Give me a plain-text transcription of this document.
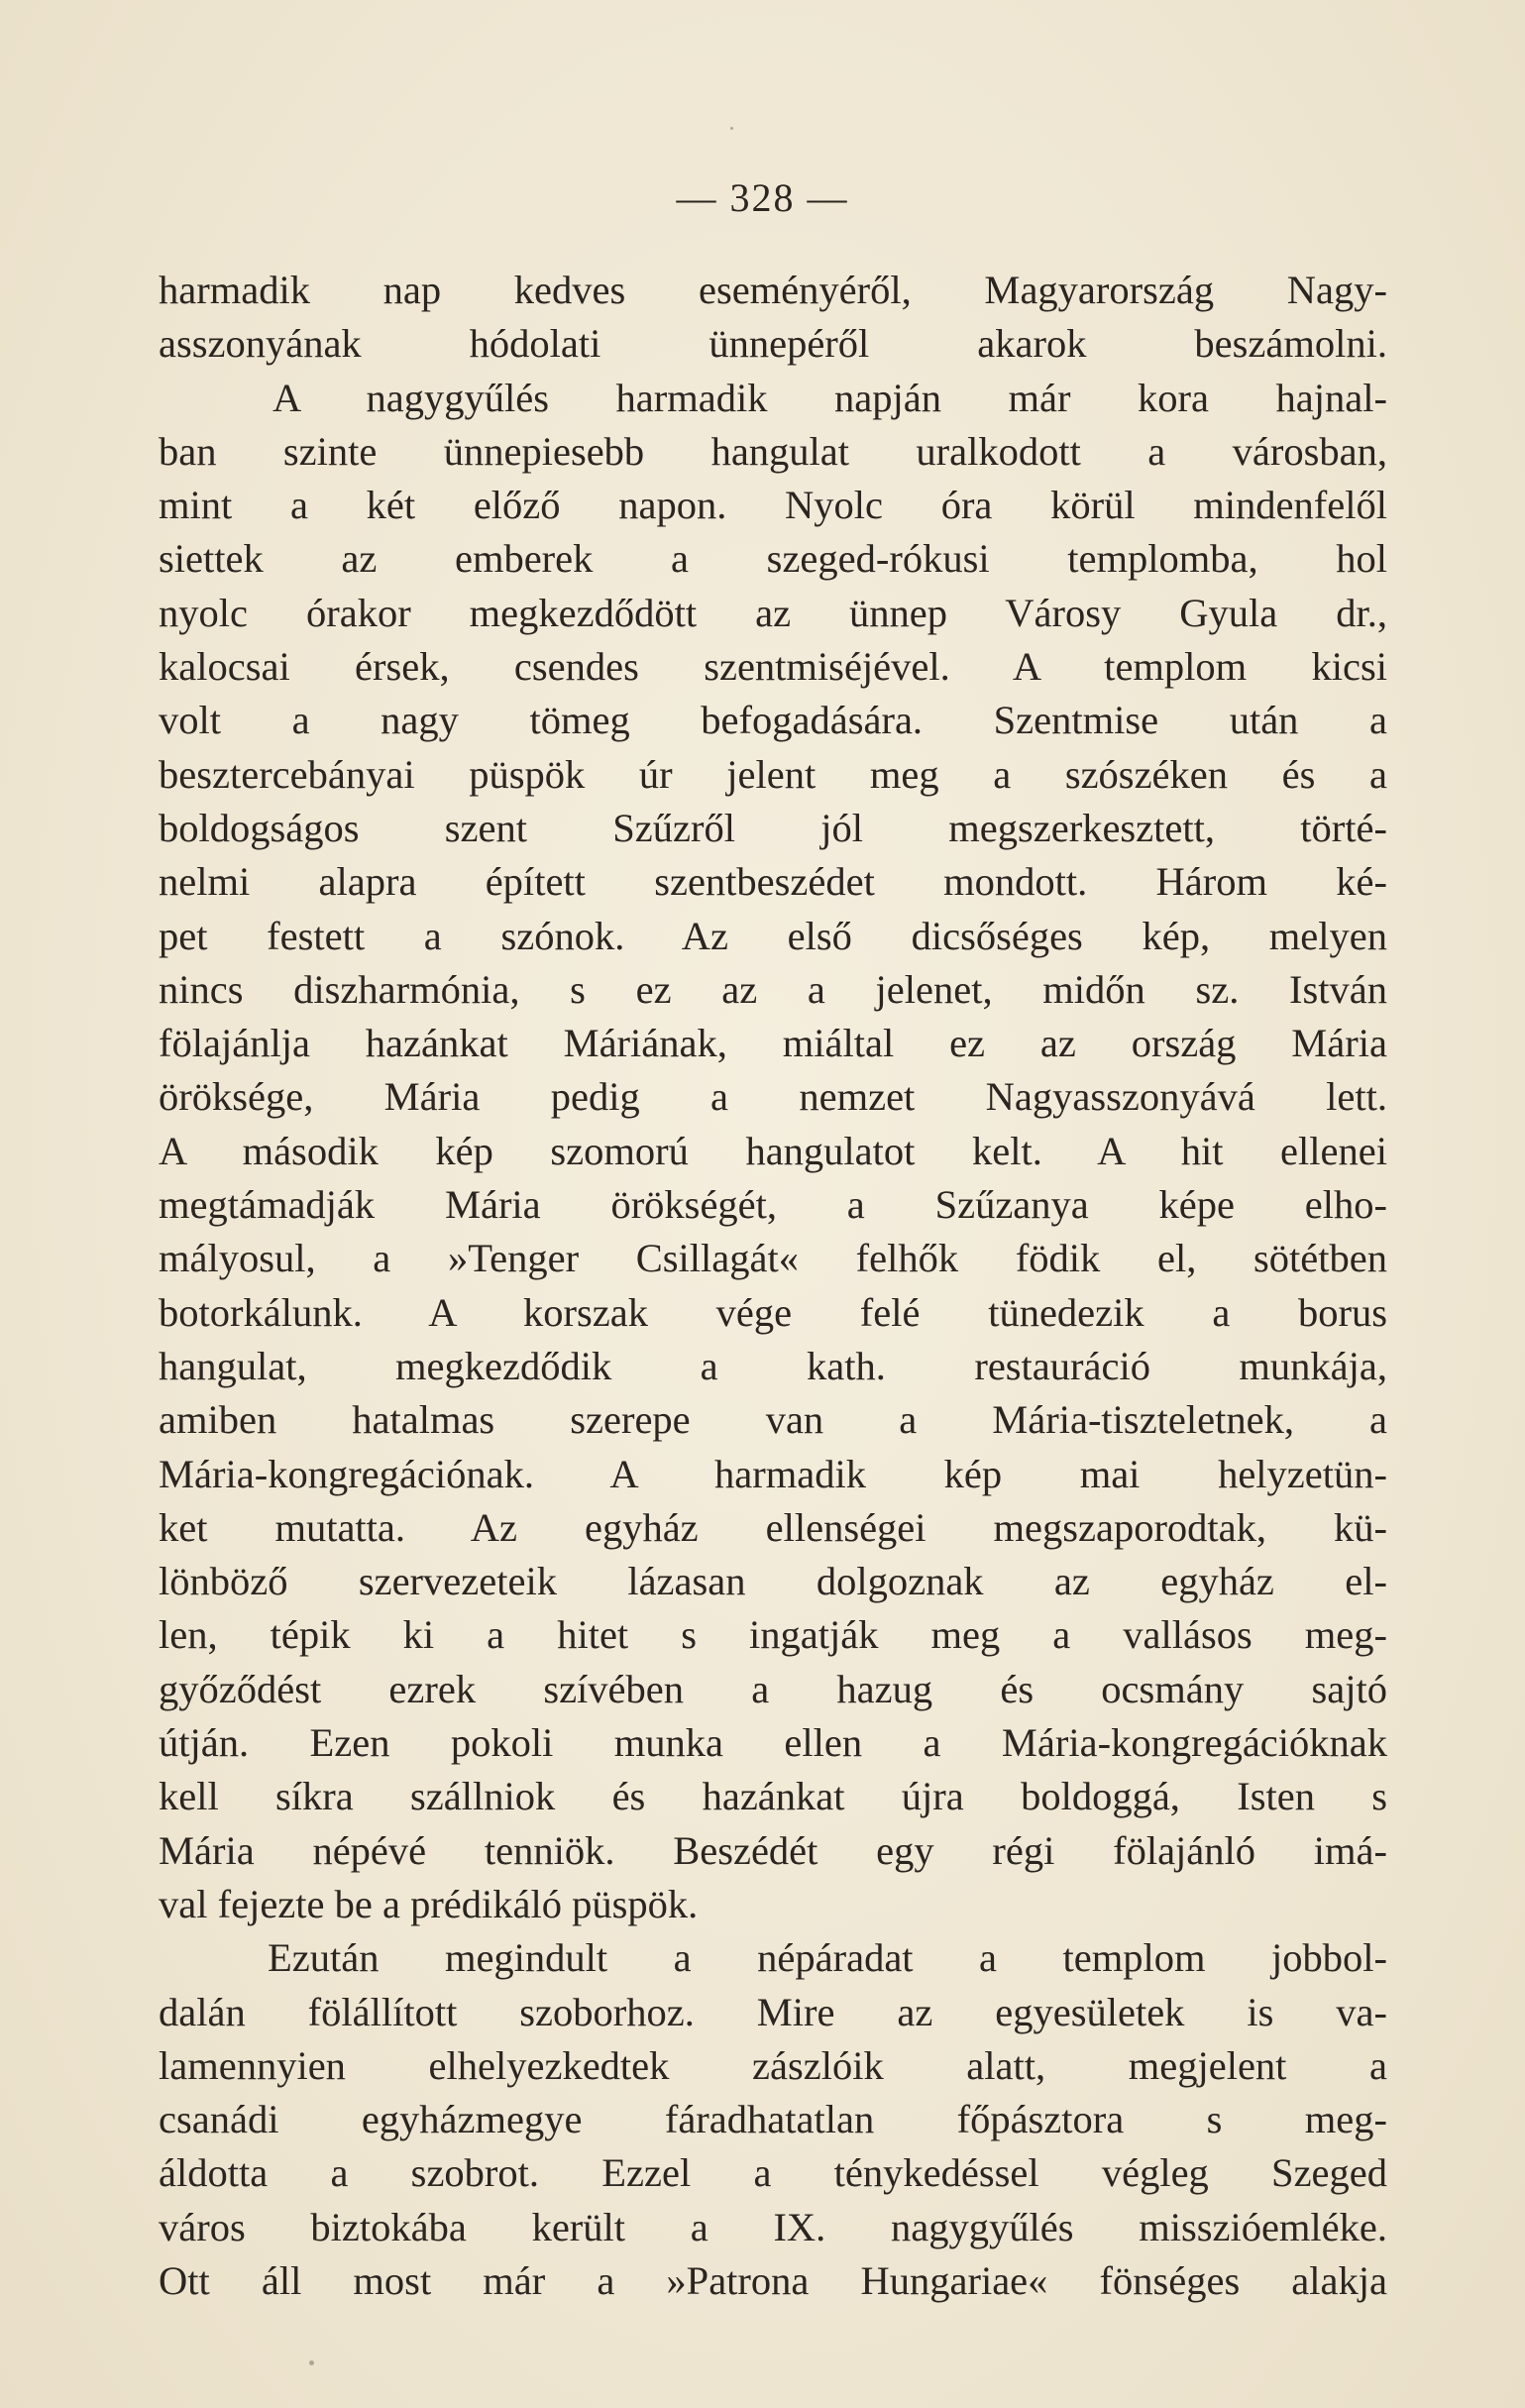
— 328 —
harmadik nap kedves eseményéről, Magyarország Nagy-
asszonyának hódolati ünnepéről akarok beszámolni.
A nagygyűlés harmadik napján már kora hajnal-
ban szinte ünnepiesebb hangulat uralkodott a városban,
mint a két előző napon. Nyolc óra körül mindenfelől
siettek az emberek a szeged-rókusi templomba, hol
nyolc órakor megkezdődött az ünnep Városy Gyula dr.,
kalocsai érsek, csendes szentmiséjével. A templom kicsi
volt a nagy tömeg befogadására. Szentmise után a
besztercebányai püspök úr jelent meg a szószéken és a
boldogságos szent Szűzről jól megszerkesztett, törté-
nelmi alapra épített szentbeszédet mondott. Három ké-
pet festett a szónok. Az első dicsőséges kép, melyen
nincs diszharmónia, s ez az a jelenet, midőn sz. István
fölajánlja hazánkat Máriának, miáltal ez az ország Mária
öröksége, Mária pedig a nemzet Nagyasszonyává lett.
A második kép szomorú hangulatot kelt. A hit ellenei
megtámadják Mária örökségét, a Szűzanya képe elho-
mályosul, a »Tenger Csillagát« felhők födik el, sötétben
botorkálunk. A korszak vége felé tünedezik a borus
hangulat, megkezdődik a kath. restauráció munkája,
amiben hatalmas szerepe van a Mária-tiszteletnek, a
Mária-kongregációnak. A harmadik kép mai helyzetün-
ket mutatta. Az egyház ellenségei megszaporodtak, kü-
lönböző szervezeteik lázasan dolgoznak az egyház el-
len, tépik ki a hitet s ingatják meg a vallásos meg-
győződést ezrek szívében a hazug és ocsmány sajtó
útján. Ezen pokoli munka ellen a Mária-kongregációknak
kell síkra szállniok és hazánkat újra boldoggá, Isten s
Mária népévé tenniök. Beszédét egy régi fölajánló imá-
val fejezte be a prédikáló püspök.
Ezután megindult a népáradat a templom jobbol-
dalán fölállított szoborhoz. Mire az egyesületek is va-
lamennyien elhelyezkedtek zászlóik alatt, megjelent a
csanádi egyházmegye fáradhatatlan főpásztora s meg-
áldotta a szobrot. Ezzel a ténykedéssel végleg Szeged
város biztokába került a IX. nagygyűlés misszióemléke.
Ott áll most már a »Patrona Hungariae« fönséges alakja
